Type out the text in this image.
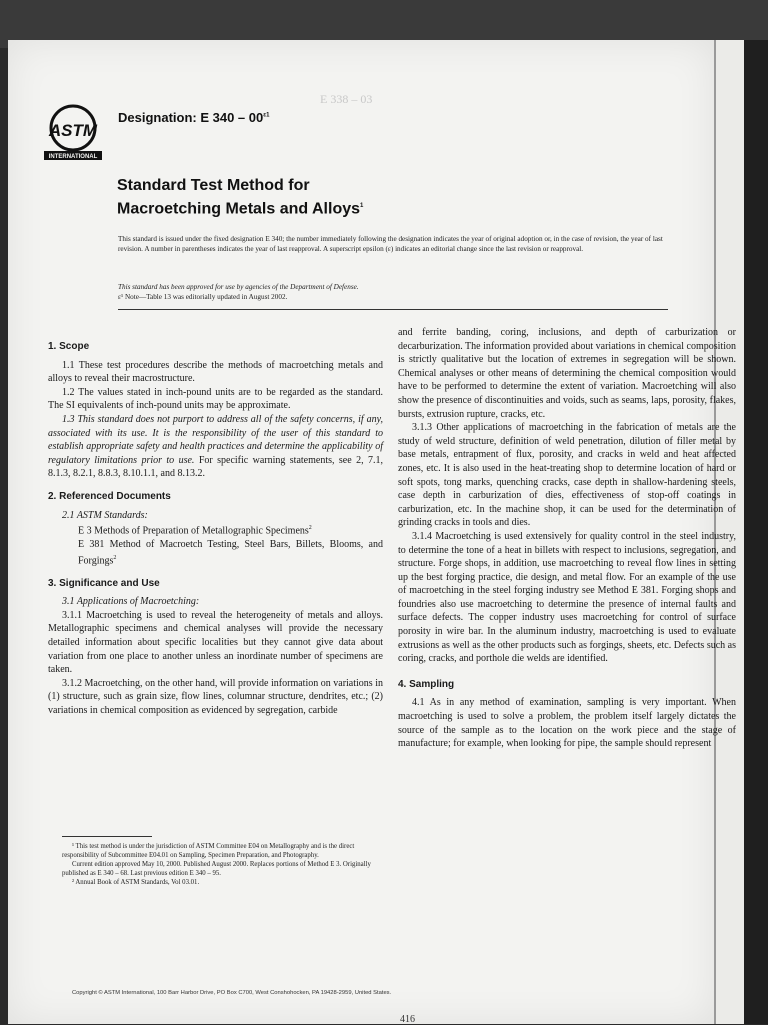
E 338 – 03
ASTM
INTERNATIONAL
Designation: E $340 - 00^{\varepsilon 1}$
Standard Test Method for
Macroetching Metals and Alloys$^1$
This standard is issued under the fixed designation E 340; the number immediately following the designation indicates the year of original adoption or, in the case of revision, the year of last revision. A number in parentheses indicates the year of last reapproval. A superscript epsilon (ε) indicates an editorial change since the last revision or reapproval.
This standard has been approved for use by agencies of the Department of Defense.
ε¹ Note—Table 13 was editorially updated in August 2002.
1. Scope

1.1 These test procedures describe the methods of macroetching metals and alloys to reveal their macrostructure.

1.2 The values stated in inch-pound units are to be regarded as the standard. The SI equivalents of inch-pound units may be approximate.

1.3 This standard does not purport to address all of the safety concerns, if any, associated with its use. It is the responsibility of the user of this standard to establish appropriate safety and health practices and determine the applicability of regulatory limitations prior to use. For specific warning statements, see 2, 7.1, 8.1.3, 8.2.1, 8.8.3, 8.10.1.1, and 8.13.2.

2. Referenced Documents

2.1 ASTM Standards:

E 3 Methods of Preparation of Metallographic Specimens$^2$

E 381 Method of Macroetch Testing, Steel Bars, Billets, Blooms, and Forgings$^2$

3. Significance and Use

3.1 Applications of Macroetching:

3.1.1 Macroetching is used to reveal the heterogeneity of metals and alloys. Metallographic specimens and chemical analyses will provide the necessary detailed information about specific localities but they cannot give data about variation from one place to another unless an inordinate number of specimens are taken.

3.1.2 Macroetching, on the other hand, will provide information on variations in (1) structure, such as grain size, flow lines, columnar structure, dendrites, etc.; (2) variations in chemical composition as evidenced by segregation, carbide

and ferrite banding, coring, inclusions, and depth of carburization or decarburization. The information provided about variations in chemical composition is strictly qualitative but the location of extremes in segregation will be shown. Chemical analyses or other means of determining the chemical composition would have to be performed to determine the extent of variation. Macroetching will also show the presence of discontinuities and voids, such as seams, laps, porosity, flakes, bursts, extrusion rupture, cracks, etc.

3.1.3 Other applications of macroetching in the fabrication of metals are the study of weld structure, definition of weld penetration, dilution of filler metal by base metals, entrapment of flux, porosity, and cracks in weld and heat affected zones, etc. It is also used in the heat-treating shop to determine location of hard or soft spots, tong marks, quenching cracks, case depth in shallow-hardening steels, case depth in carburization of dies, effectiveness of stop-off coatings in carburization, etc. In the machine shop, it can be used for the determination of grinding cracks in tools and dies.

3.1.4 Macroetching is used extensively for quality control in the steel industry, to determine the tone of a heat in billets with respect to inclusions, segregation, and structure. Forge shops, in addition, use macroetching to reveal flow lines in setting up the best forging practice, die design, and metal flow. For an example of the use of macroetching in the steel forging industry see Method E 381. Forging shops and foundries also use macroetching to determine the presence of internal faults and surface defects. The copper industry uses macroetching for control of surface porosity in wire bar. In the aluminum industry, macroetching is used to evaluate extrusions as well as the other products such as forgings, sheets, etc. Defects such as coring, cracks, and porthole die welds are identified.

4. Sampling

4.1 As in any method of examination, sampling is very important. When macroetching is used to solve a problem, the problem itself largely dictates the source of the sample as to the location on the work piece and the stage of manufacture; for example, when looking for pipe, the sample should represent

¹ This test method is under the jurisdiction of ASTM Committee E04 on Metallography and is the direct responsibility of Subcommittee E04.01 on Sampling, Specimen Preparation, and Photography.

Current edition approved May 10, 2000. Published August 2000. Replaces portions of Method E 3. Originally published as E 340 – 68. Last previous edition E 340 – 95.

² Annual Book of ASTM Standards, Vol 03.01.

Copyright © ASTM International, 100 Barr Harbor Drive, PO Box C700, West Conshohocken, PA 19428-2959, United States.
416
